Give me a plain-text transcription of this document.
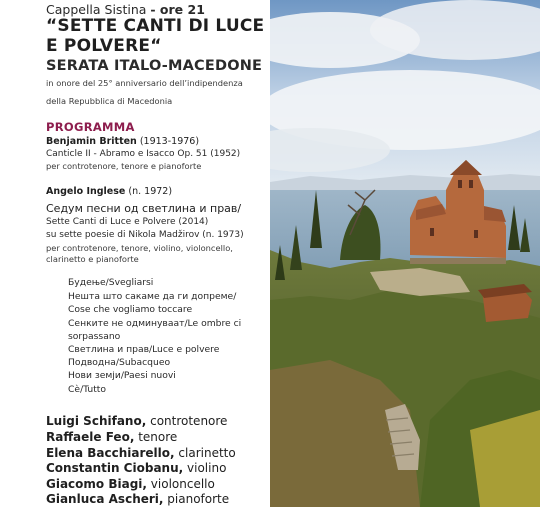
Cappella Sistina - ore 21
“SETTE CANTI DI LUCE
E POLVERE“
SERATA ITALO-MACEDONE
in onore del 25° anniversario dell’indipendenza
della Repubblica di Macedonia
PROGRAMMA
Benjamin Britten (1913-1976)
Canticle II - Abramo e Isacco Op. 51 (1952)
per controtenore, tenore e pianoforte
Angelo Inglese (n. 1972)
Седум песни од светлина и прав/
Sette Canti di Luce e Polvere (2014)
su sette poesie di Nikola Madžirov (n. 1973)
per controtenore, tenore, violino, violoncello,
clarinetto e pianoforte
Будење/Svegliarsi
Нешта што сакаме да ги допреме/
Cose che vogliamo toccare
Сенките не одминуваат/Le ombre ci
sorpassano
Светлина и прав/Luce e polvere
Подводна/Subacqueo
Нови земји/Paesi nuovi
Сè/Tutto
Luigi Schifano, controtenore
Raffaele Feo, tenore
Elena Bacchiarello, clarinetto
Constantin Ciobanu, violino
Giacomo Biagi, violoncello
Gianluca Ascheri, pianoforte
